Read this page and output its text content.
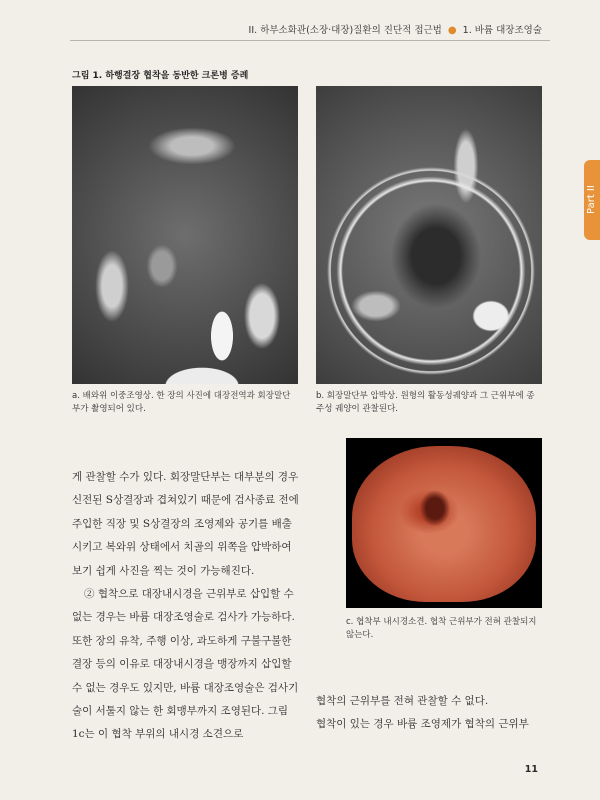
II. 하부소화관(소장·대장)질환의 진단적 접근법 ● 1. 바륨 대장조영술
Part II
그림 1. 하행결장 협착을 동반한 크론병 증례
a. 배와위 이중조영상. 한 장의 사진에 대장전역과 회장말단부가 촬영되어 있다.
b. 회장말단부 압박상. 원형의 활동성궤양과 그 근위부에 종주성 궤양이 관찰된다.
c. 협착부 내시경소견. 협착 근위부가 전혀 관찰되지 않는다.

게 관찰할 수가 있다. 회장말단부는 대부분의 경우 신전된 S상결장과 겹쳐있기 때문에 검사종료 전에 주입한 직장 및 S상결장의 조영제와 공기를 배출시키고 복와위 상태에서 치골의 위쪽을 압박하여 보기 쉽게 사진을 찍는 것이 가능해진다.

② 협착으로 대장내시경을 근위부로 삽입할 수 없는 경우는 바륨 대장조영술로 검사가 가능하다. 또한 장의 유착, 주행 이상, 과도하게 구불구불한 결장 등의 이유로 대장내시경을 맹장까지 삽입할 수 없는 경우도 있지만, 바륨 대장조영술은 검사기술이 서툴지 않는 한 회맹부까지 조영된다. 그림 1c는 이 협착 부위의 내시경 소견으로

협착의 근위부를 전혀 관찰할 수 없다.

협착이 있는 경우 바륨 조영제가 협착의 근위부

11
